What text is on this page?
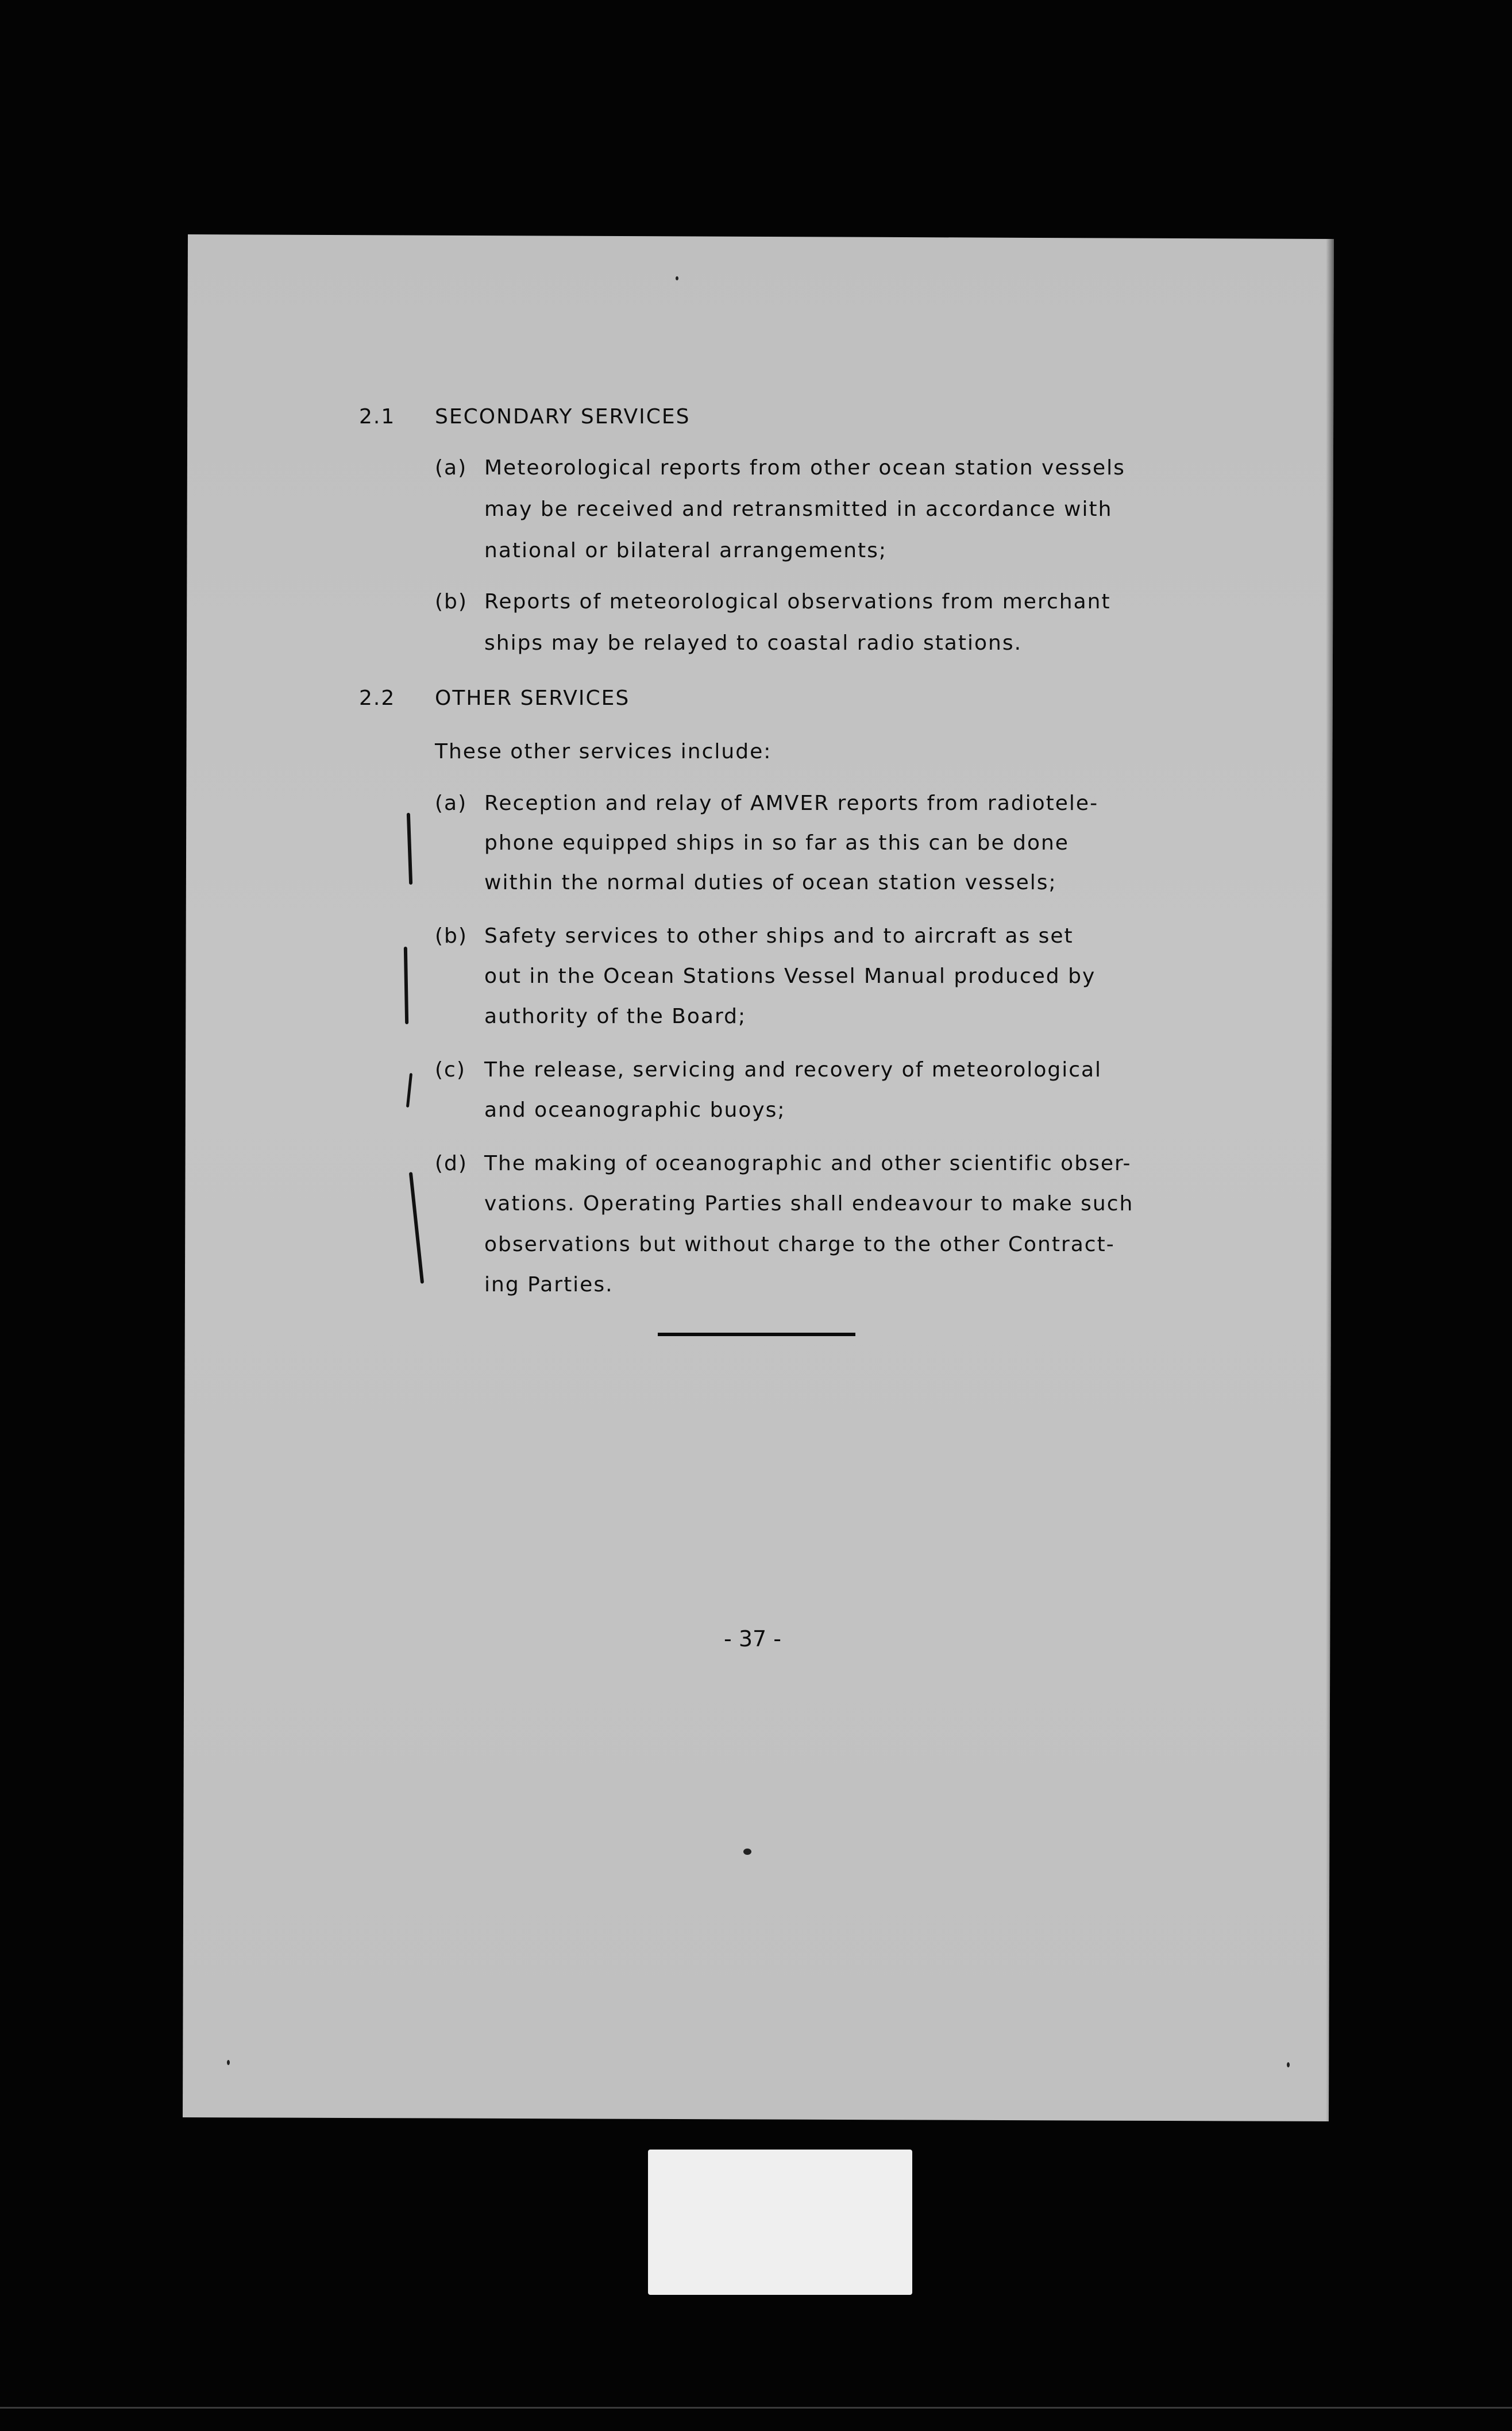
2.1 SECONDARY SERVICES
(a) Meteorological reports from other ocean station vessels
may be received and retransmitted in accordance with
national or bilateral arrangements;
(b) Reports of meteorological observations from merchant
ships may be relayed to coastal radio stations.
2.2 OTHER SERVICES
These other services include:
(a) Reception and relay of AMVER reports from radiotele-
phone equipped ships in so far as this can be done
within the normal duties of ocean station vessels;
(b) Safety services to other ships and to aircraft as set
out in the Ocean Stations Vessel Manual produced by
authority of the Board;
(c) The release, servicing and recovery of meteorological
and oceanographic buoys;
(d) The making of oceanographic and other scientific obser-
vations. Operating Parties shall endeavour to make such
observations but without charge to the other Contract-
ing Parties.
- 37 -
